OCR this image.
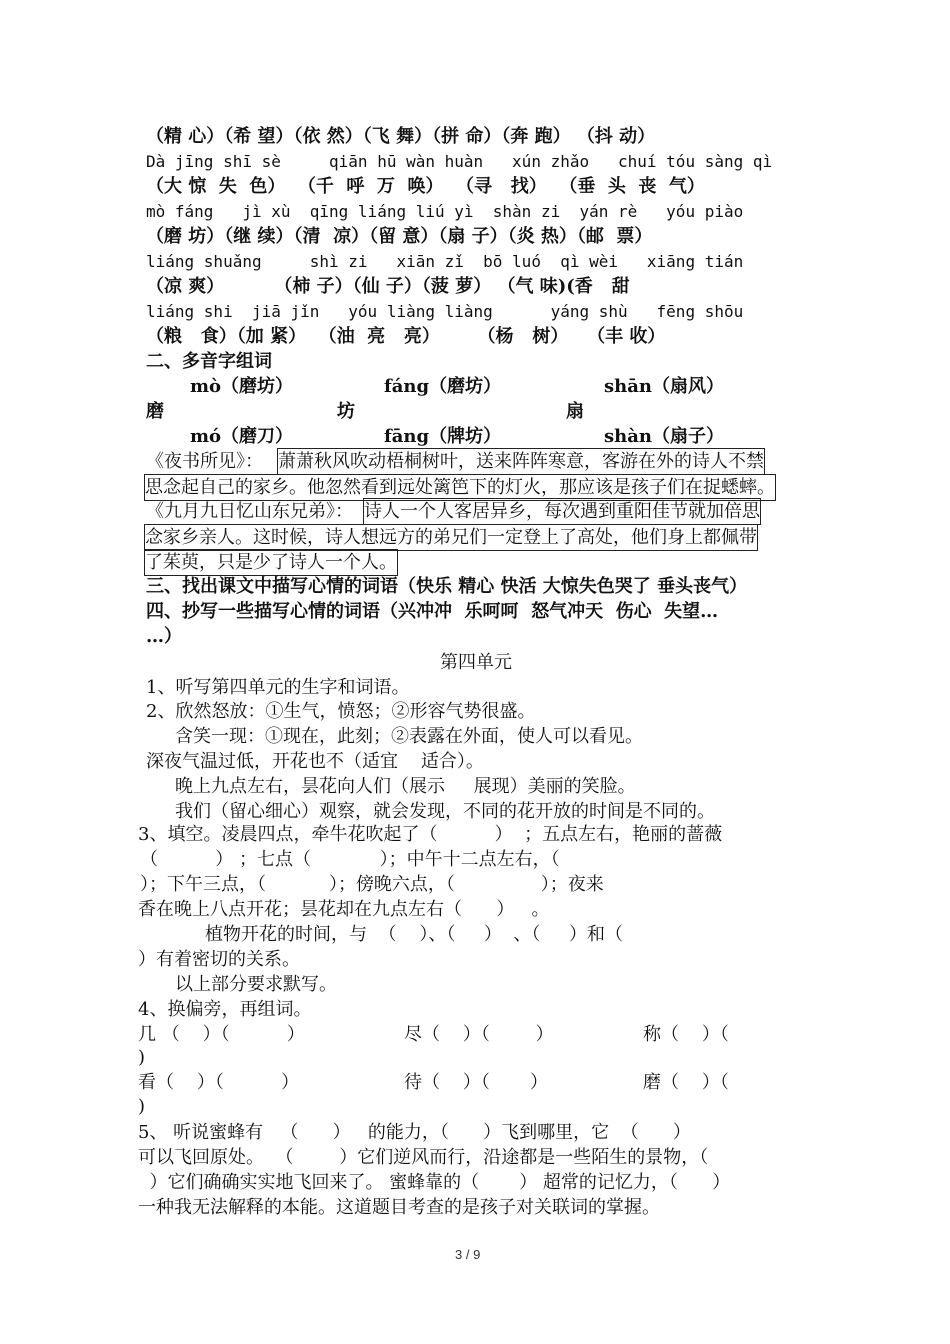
（精 心）（希 望）（依 然）（飞 舞）（拼 命）（奔 跑） （抖 动）
Dà jīng shī sè     qiān hū wàn huàn   xún zhǎo   chuí tóu sàng qì
（大 惊  失  色）  （千  呼  万  唤）  （寻   找）  （垂  头  丧  气）
mò fáng   jì xù  qīng liáng liú yì  shàn zi  yán rè   yóu piào
（磨 坊）（继 续）（清  凉）（留 意）（扇 子）（炎 热）（邮  票）
liáng shuǎng     shì zi   xiān zǐ  bō luó  qì wèi   xiāng tián
（凉 爽）        （柿 子）（仙 子）（菠 萝） （气 味)(香   甜
liáng shi  jiā jǐn   yóu liàng liàng      yáng shù   fēng shōu
（粮   食）（加 紧）  （油  亮   亮）      （杨   树）   （丰 收）
二、多音字组词
mò（磨坊）	fáng（磨坊）	shān（扇风）
磨	坊	扇
mó（磨刀）	fāng（牌坊）	shàn（扇子）
《夜书所见》： 萧萧秋风吹动梧桐树叶，送来阵阵寒意，客游在外的诗人不禁
思念起自己的家乡。他忽然看到远处篱笆下的灯火，那应该是孩子们在捉蟋蟀。
《九月九日忆山东兄弟》： 诗人一个人客居异乡，每次遇到重阳佳节就加倍思
念家乡亲人。这时候，诗人想远方的弟兄们一定登上了高处，他们身上都佩带
了茱萸，只是少了诗人一个人。
三、找出课文中描写心情的词语（快乐 精心 快活 大惊失色哭了 垂头丧气）
四、抄写一些描写心情的词语（兴冲冲  乐呵呵  怒气冲天  伤心  失望…
…）
第四单元
1、听写第四单元的生字和词语。
2、欣然怒放：①生气，愤怒；②形容气势很盛。
含笑一现：①现在，此刻；②表露在外面，使人可以看见。
深夜气温过低，开花也不（适宜    适合）。
晚上九点左右，昙花向人们（展示     展现）美丽的笑脸。
我们（留心细心）观察，就会发现，不同的花开放的时间是不同的。
3、填空。凌晨四点，牵牛花吹起了（          ）  ；五点左右，艳丽的蔷薇
（          ） ；七点（            ）；中午十二点左右，（
）；下午三点，（           ）；傍晚六点，（               ）；夜来
香在晚上八点开花；昙花却在九点左右（      ）   。
植物开花的时间，与  （    ）、（     ）  、（     ）和（
）有着密切的关系。
以上部分要求默写。
4、换偏旁，再组词。
几 （    ）（          ）	尽（    ）（        ）	称（    ）（
)
看（    ）（          ）	待（    ）（       ）	磨（    ）（
)
5、 听说蜜蜂有   （      ）   的能力，（      ）飞到哪里，它  （      ）
可以飞回原处。  （        ）它们逆风而行，沿途都是一些陌生的景物，（
）它们确确实实地飞回来了。 蜜蜂靠的（       ） 超常的记忆力，（      ）
一种我无法解释的本能。这道题目考查的是孩子对关联词的掌握。
3 / 9
